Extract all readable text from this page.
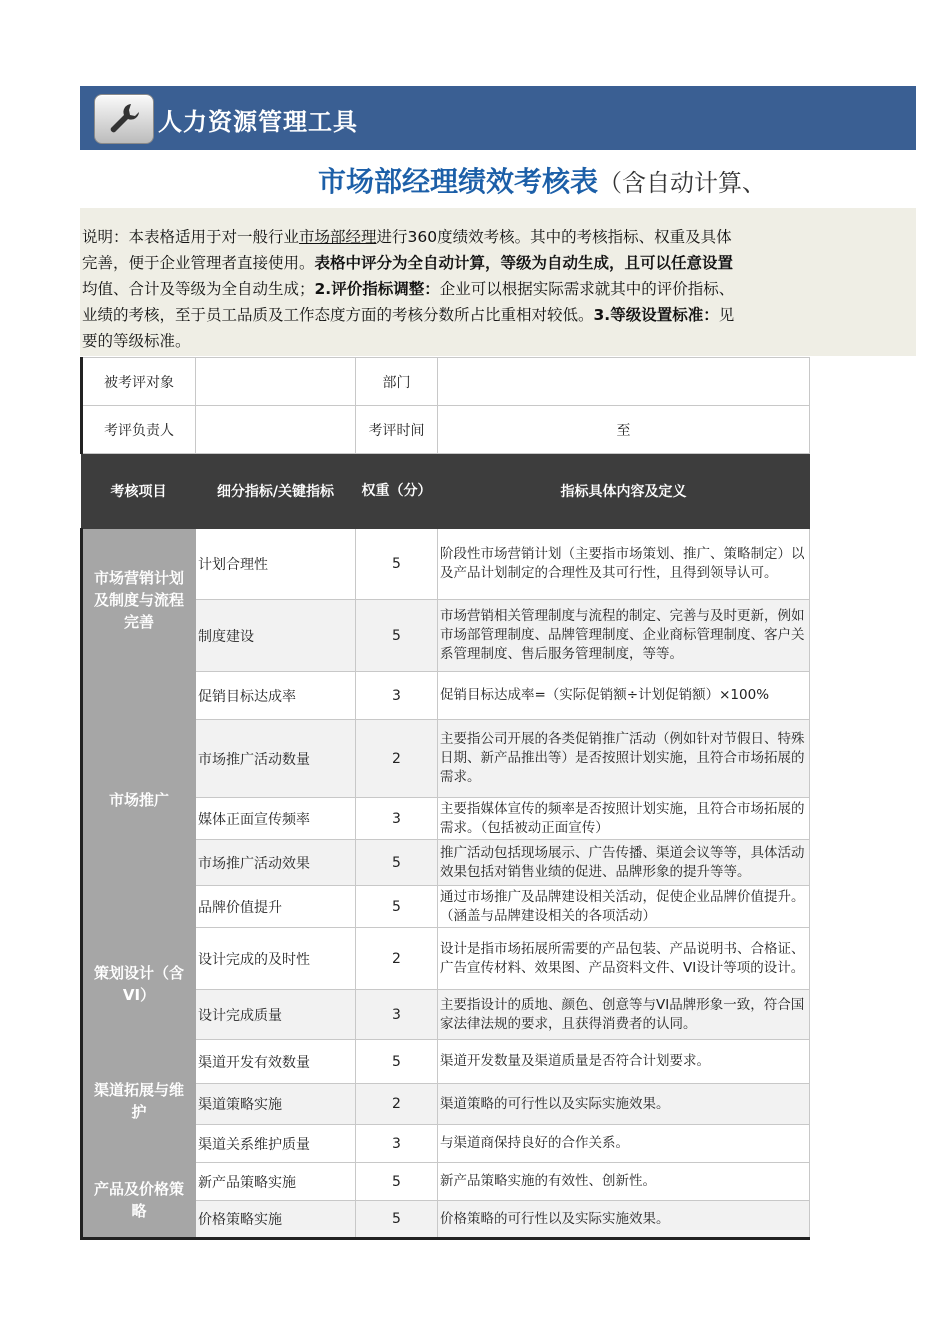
人力资源管理工具
市场部经理绩效考核表（含自动计算、
说明：本表格适用于对一般行业市场部经理进行360度绩效考核。其中的考核指标、权重及具体
完善，便于企业管理者直接使用。表格中评分为全自动计算，等级为自动生成，且可以任意设置
均值、合计及等级为全自动生成；2.评价指标调整：企业可以根据实际需求就其中的评价指标、
业绩的考核，至于员工品质及工作态度方面的考核分数所占比重相对较低。3.等级设置标准：见
要的等级标准。
被考评对象		部门	
考评负责人		考评时间	至
考核项目	细分指标/关键指标	权重（分）	指标具体内容及定义
市场营销计划及制度与流程完善	计划合理性	5	阶段性市场营销计划（主要指市场策划、推广、策略制定）以及产品计划制定的合理性及其可行性，且得到领导认可。
	制度建设	5	市场营销相关管理制度与流程的制定、完善与及时更新，例如市场部管理制度、品牌管理制度、企业商标管理制度、客户关系管理制度、售后服务管理制度，等等。
市场推广	促销目标达成率	3	促销目标达成率=（实际促销额÷计划促销额）×100%
	市场推广活动数量	2	主要指公司开展的各类促销推广活动（例如针对节假日、特殊日期、新产品推出等）是否按照计划实施，且符合市场拓展的需求。
	媒体正面宣传频率	3	主要指媒体宣传的频率是否按照计划实施，且符合市场拓展的需求。（包括被动正面宣传）
	市场推广活动效果	5	推广活动包括现场展示、广告传播、渠道会议等等，具体活动效果包括对销售业绩的促进、品牌形象的提升等等。
	品牌价值提升	5	通过市场推广及品牌建设相关活动，促使企业品牌价值提升。（涵盖与品牌建设相关的各项活动）
策划设计（含VI）	设计完成的及时性	2	设计是指市场拓展所需要的产品包装、产品说明书、合格证、广告宣传材料、效果图、产品资料文件、VI设计等项的设计。
	设计完成质量	3	主要指设计的质地、颜色、创意等与VI品牌形象一致，符合国家法律法规的要求，且获得消费者的认同。
渠道拓展与维护	渠道开发有效数量	5	渠道开发数量及渠道质量是否符合计划要求。
	渠道策略实施	2	渠道策略的可行性以及实际实施效果。
	渠道关系维护质量	3	与渠道商保持良好的合作关系。
产品及价格策略	新产品策略实施	5	新产品策略实施的有效性、创新性。
	价格策略实施	5	价格策略的可行性以及实际实施效果。
